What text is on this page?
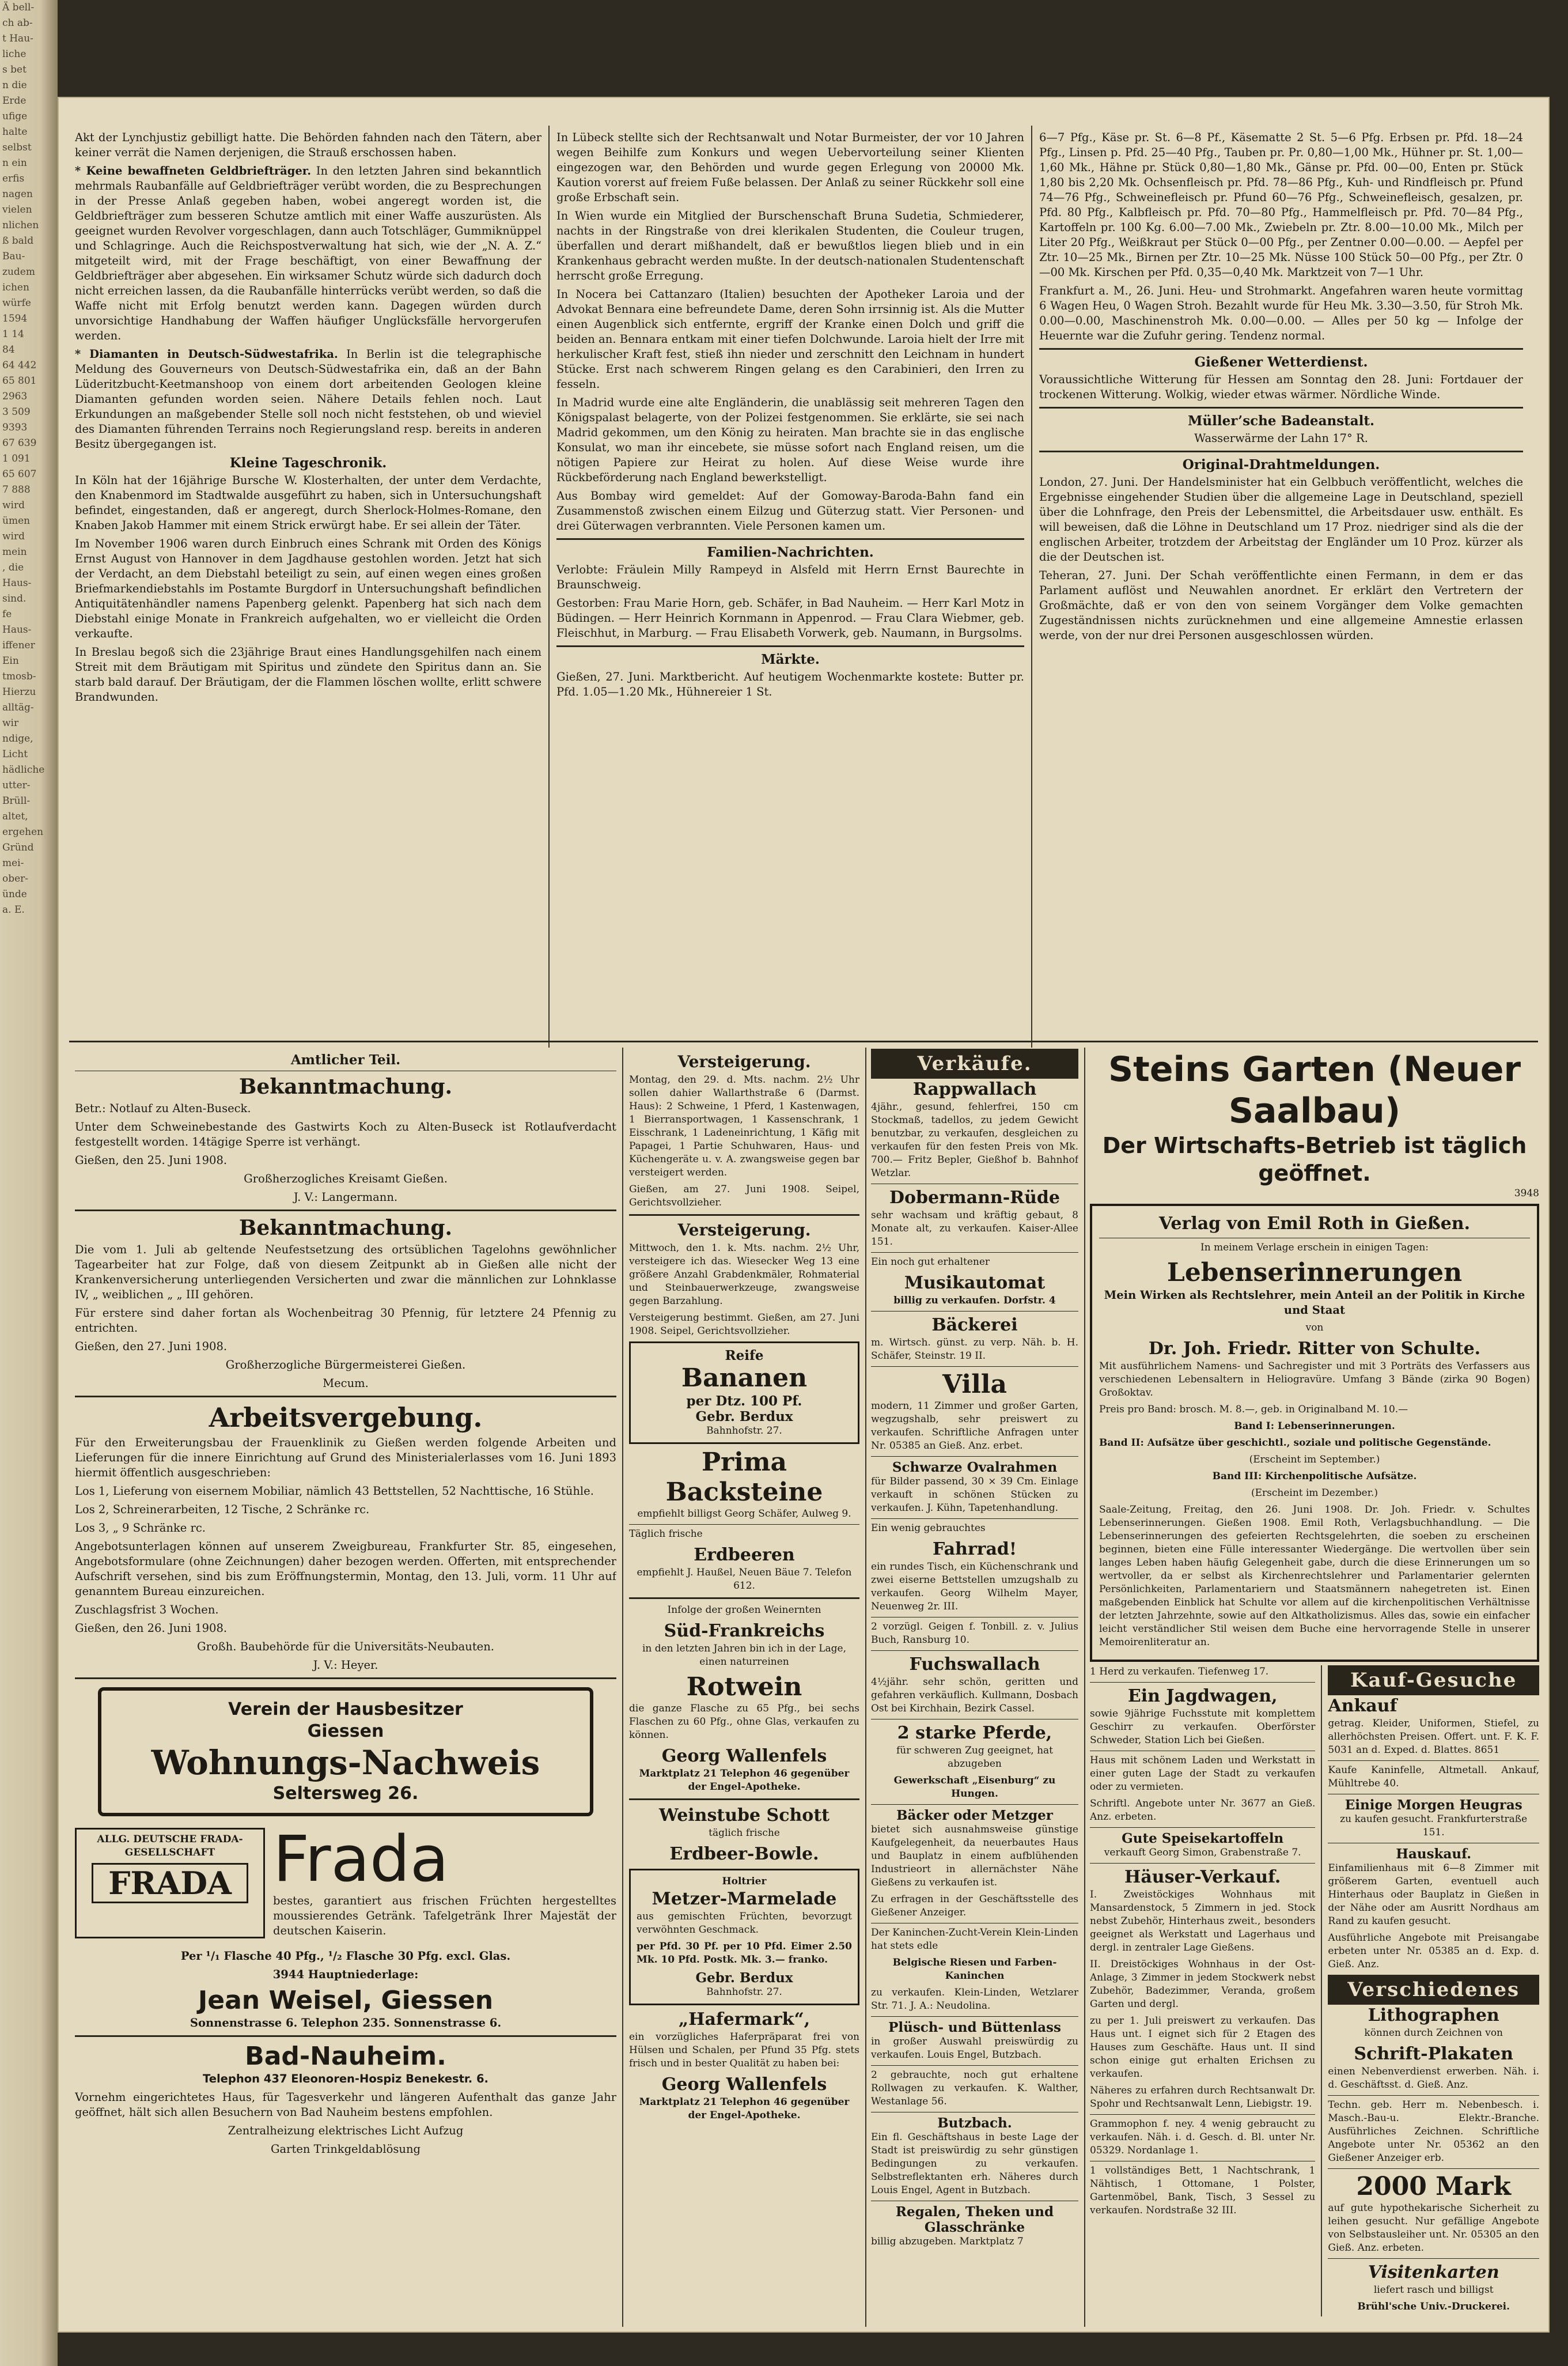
Ä bell-
ch ab-
t Hau-
liche
s bet
n die
Erde
ufige
halte
selbst
n ein
erfis
nagen
vielen
nlichen
ß bald
Bau-
zudem
ichen
würfe
1594
1 14
84
64 442
65 801
2963
3 509
9393
67 639
1 091
65 607
7 888
wird
ümen
wird
mein
, die
Haus-
sind.
fe
Haus-
iffener
Ein
tmosb-
Hierzu
alltäg-
wir
ndige,
Licht
hädliche
utter-
Brüll-
altet,
ergehen
Gründ
mei-
ober-
ünde
a. E.

Akt der Lynchjustiz gebilligt hatte. Die Behörden fahnden nach den Tätern, aber keiner verrät die Namen derjenigen, die Strauß erschossen haben.

* Keine bewaffneten Geldbriefträger. In den letzten Jahren sind bekanntlich mehrmals Raubanfälle auf Geldbriefträger verübt worden, die zu Besprechungen in der Presse Anlaß gegeben haben, wobei angeregt worden ist, die Geldbriefträger zum besseren Schutze amtlich mit einer Waffe auszurüsten. Als geeignet wurden Revolver vorgeschlagen, dann auch Totschläger, Gummiknüppel und Schlagringe. Auch die Reichspostverwaltung hat sich, wie der „N. A. Z.“ mitgeteilt wird, mit der Frage beschäftigt, von einer Bewaffnung der Geldbriefträger aber abgesehen. Ein wirksamer Schutz würde sich dadurch doch nicht erreichen lassen, da die Raubanfälle hinterrücks verübt werden, so daß die Waffe nicht mit Erfolg benutzt werden kann. Dagegen würden durch unvorsichtige Handhabung der Waffen häufiger Unglücksfälle hervorgerufen werden.

* Diamanten in Deutsch-Südwestafrika. In Berlin ist die telegraphische Meldung des Gouverneurs von Deutsch-Südwestafrika ein, daß an der Bahn Lüderitzbucht-Keetmanshoop von einem dort arbeitenden Geologen kleine Diamanten gefunden worden seien. Nähere Details fehlen noch. Laut Erkundungen an maßgebender Stelle soll noch nicht feststehen, ob und wieviel des Diamanten führenden Terrains noch Regierungsland resp. bereits in anderen Besitz übergegangen ist.

Kleine Tageschronik.

In Köln hat der 16jährige Bursche W. Klosterhalten, der unter dem Verdachte, den Knabenmord im Stadtwalde ausgeführt zu haben, sich in Untersuchungshaft befindet, eingestanden, daß er angeregt, durch Sherlock-Holmes-Romane, den Knaben Jakob Hammer mit einem Strick erwürgt habe. Er sei allein der Täter.

Im November 1906 waren durch Einbruch eines Schrank mit Orden des Königs Ernst August von Hannover in dem Jagdhause gestohlen worden. Jetzt hat sich der Verdacht, an dem Diebstahl beteiligt zu sein, auf einen wegen eines großen Briefmarkendiebstahls im Postamte Burgdorf in Untersuchungshaft befindlichen Antiquitätenhändler namens Papenberg gelenkt. Papenberg hat sich nach dem Diebstahl einige Monate in Frankreich aufgehalten, wo er vielleicht die Orden verkaufte.

In Breslau begoß sich die 23jährige Braut eines Handlungsgehilfen nach einem Streit mit dem Bräutigam mit Spiritus und zündete den Spiritus dann an. Sie starb bald darauf. Der Bräutigam, der die Flammen löschen wollte, erlitt schwere Brandwunden.

In Lübeck stellte sich der Rechtsanwalt und Notar Burmeister, der vor 10 Jahren wegen Beihilfe zum Konkurs und wegen Uebervorteilung seiner Klienten eingezogen war, den Behörden und wurde gegen Erlegung von 20000 Mk. Kaution vorerst auf freiem Fuße belassen. Der Anlaß zu seiner Rückkehr soll eine große Erbschaft sein.

In Wien wurde ein Mitglied der Burschenschaft Bruna Sudetia, Schmiederer, nachts in der Ringstraße von drei klerikalen Studenten, die Couleur trugen, überfallen und derart mißhandelt, daß er bewußtlos liegen blieb und in ein Krankenhaus gebracht werden mußte. In der deutsch-nationalen Studentenschaft herrscht große Erregung.

In Nocera bei Cattanzaro (Italien) besuchten der Apotheker Laroia und der Advokat Bennara eine befreundete Dame, deren Sohn irrsinnig ist. Als die Mutter einen Augenblick sich entfernte, ergriff der Kranke einen Dolch und griff die beiden an. Bennara entkam mit einer tiefen Dolchwunde. Laroia hielt der Irre mit herkulischer Kraft fest, stieß ihn nieder und zerschnitt den Leichnam in hundert Stücke. Erst nach schwerem Ringen gelang es den Carabinieri, den Irren zu fesseln.

In Madrid wurde eine alte Engländerin, die unablässig seit mehreren Tagen den Königspalast belagerte, von der Polizei festgenommen. Sie erklärte, sie sei nach Madrid gekommen, um den König zu heiraten. Man brachte sie in das englische Konsulat, wo man ihr eincebete, sie müsse sofort nach England reisen, um die nötigen Papiere zur Heirat zu holen. Auf diese Weise wurde ihre Rückbeförderung nach England bewerkstelligt.

Aus Bombay wird gemeldet: Auf der Gomoway-Baroda-Bahn fand ein Zusammenstoß zwischen einem Eilzug und Güterzug statt. Vier Personen- und drei Güterwagen verbrannten. Viele Personen kamen um.

Familien-Nachrichten.

Verlobte: Fräulein Milly Rampeyd in Alsfeld mit Herrn Ernst Baurechte in Braunschweig.

Gestorben: Frau Marie Horn, geb. Schäfer, in Bad Nauheim. — Herr Karl Motz in Büdingen. — Herr Heinrich Kornmann in Appenrod. — Frau Clara Wiebmer, geb. Fleischhut, in Marburg. — Frau Elisabeth Vorwerk, geb. Naumann, in Burgsolms.

Märkte.

Gießen, 27. Juni. Marktbericht. Auf heutigem Wochenmarkte kostete: Butter pr. Pfd. 1.05—1.20 Mk., Hühnereier 1 St.

6—7 Pfg., Käse pr. St. 6—8 Pf., Käsematte 2 St. 5—6 Pfg. Erbsen pr. Pfd. 18—24 Pfg., Linsen p. Pfd. 25—40 Pfg., Tauben pr. Pr. 0,80—1,00 Mk., Hühner pr. St. 1,00—1,60 Mk., Hähne pr. Stück 0,80—1,80 Mk., Gänse pr. Pfd. 00—00, Enten pr. Stück 1,80 bis 2,20 Mk. Ochsenfleisch pr. Pfd. 78—86 Pfg., Kuh- und Rindfleisch pr. Pfund 74—76 Pfg., Schweinefleisch pr. Pfund 60—76 Pfg., Schweinefleisch, gesalzen, pr. Pfd. 80 Pfg., Kalbfleisch pr. Pfd. 70—80 Pfg., Hammelfleisch pr. Pfd. 70—84 Pfg., Kartoffeln pr. 100 Kg. 6.00—7.00 Mk., Zwiebeln pr. Ztr. 8.00—10.00 Mk., Milch per Liter 20 Pfg., Weißkraut per Stück 0—00 Pfg., per Zentner 0.00—0.00. — Aepfel per Ztr. 10—25 Mk., Birnen per Ztr. 10—25 Mk. Nüsse 100 Stück 50—00 Pfg., per Ztr. 0—00 Mk. Kirschen per Pfd. 0,35—0,40 Mk. Marktzeit von 7—1 Uhr.

Frankfurt a. M., 26. Juni. Heu- und Strohmarkt. Angefahren waren heute vormittag 6 Wagen Heu, 0 Wagen Stroh. Bezahlt wurde für Heu Mk. 3.30—3.50, für Stroh Mk. 0.00—0.00, Maschinenstroh Mk. 0.00—0.00. — Alles per 50 kg — Infolge der Heuernte war die Zufuhr gering. Tendenz normal.

Gießener Wetterdienst.

Voraussichtliche Witterung für Hessen am Sonntag den 28. Juni: Fortdauer der trockenen Witterung. Wolkig, wieder etwas wärmer. Nördliche Winde.

Müller’sche Badeanstalt.

Wasserwärme der Lahn 17° R.

Original-Drahtmeldungen.

London, 27. Juni. Der Handelsminister hat ein Gelbbuch veröffentlicht, welches die Ergebnisse eingehender Studien über die allgemeine Lage in Deutschland, speziell über die Lohnfrage, den Preis der Lebensmittel, die Arbeitsdauer usw. enthält. Es will beweisen, daß die Löhne in Deutschland um 17 Proz. niedriger sind als die der englischen Arbeiter, trotzdem der Arbeitstag der Engländer um 10 Proz. kürzer als die der Deutschen ist.

Teheran, 27. Juni. Der Schah veröffentlichte einen Fermann, in dem er das Parlament auflöst und Neuwahlen anordnet. Er erklärt den Vertretern der Großmächte, daß er von den von seinem Vorgänger dem Volke gemachten Zugeständnissen nichts zurücknehmen und eine allgemeine Amnestie erlassen werde, von der nur drei Personen ausgeschlossen würden.

Amtlicher Teil.
Bekanntmachung.

Betr.: Notlauf zu Alten-Buseck.

Unter dem Schweinebestande des Gastwirts Koch zu Alten-Buseck ist Rotlaufverdacht festgestellt worden. 14tägige Sperre ist verhängt.

Gießen, den 25. Juni 1908.

Großherzogliches Kreisamt Gießen.

J. V.: Langermann.

Bekanntmachung.

Die vom 1. Juli ab geltende Neufestsetzung des ortsüblichen Tagelohns gewöhnlicher Tagearbeiter hat zur Folge, daß von diesem Zeitpunkt ab in Gießen alle nicht der Krankenversicherung unterliegenden Versicherten und zwar die männlichen zur Lohnklasse IV, „ weiblichen „ „ III gehören.

Für erstere sind daher fortan als Wochenbeitrag 30 Pfennig, für letztere 24 Pfennig zu entrichten.

Gießen, den 27. Juni 1908.

Großherzogliche Bürgermeisterei Gießen.

Mecum.

Arbeitsvergebung.

Für den Erweiterungsbau der Frauenklinik zu Gießen werden folgende Arbeiten und Lieferungen für die innere Einrichtung auf Grund des Ministerialerlasses vom 16. Juni 1893 hiermit öffentlich ausgeschrieben:

Los 1, Lieferung von eisernem Mobiliar, nämlich 43 Bettstellen, 52 Nachttische, 16 Stühle.

Los 2, Schreinerarbeiten, 12 Tische, 2 Schränke rc.

Los 3, „ 9 Schränke rc.

Angebotsunterlagen können auf unserem Zweigbureau, Frankfurter Str. 85, eingesehen, Angebotsformulare (ohne Zeichnungen) daher bezogen werden. Offerten, mit entsprechender Aufschrift versehen, sind bis zum Eröffnungstermin, Montag, den 13. Juli, vorm. 11 Uhr auf genanntem Bureau einzureichen.

Zuschlagsfrist 3 Wochen.

Gießen, den 26. Juni 1908.

Großh. Baubehörde für die Universitäts-Neubauten.

J. V.: Heyer.

Verein der Hausbesitzer
Giessen
Wohnungs-Nachweis
Seltersweg 26.
ALLG. DEUTSCHE FRADA-GESELLSCHAFT
FRADA Frada

bestes, garantiert aus frischen Früchten hergestelltes moussierendes Getränk. Tafelgetränk Ihrer Majestät der deutschen Kaiserin.

Per ¹/₁ Flasche 40 Pfg., ¹/₂ Flasche 30 Pfg. excl. Glas.

3944 Hauptniederlage:

Jean Weisel, Giessen

Sonnenstrasse 6. Telephon 235. Sonnenstrasse 6.

Bad-Nauheim.

Telephon 437 Eleonoren-Hospiz Benekestr. 6.

Vornehm eingerichtetes Haus, für Tagesverkehr und längeren Aufenthalt das ganze Jahr geöffnet, hält sich allen Besuchern von Bad Nauheim bestens empfohlen.

Zentralheizung elektrisches Licht Aufzug

Garten Trinkgeldablösung

Versteigerung.

Montag, den 29. d. Mts. nachm. 2½ Uhr sollen dahier Wallarthstraße 6 (Darmst. Haus): 2 Schweine, 1 Pferd, 1 Kastenwagen, 1 Bierransportwagen, 1 Kassenschrank, 1 Eisschrank, 1 Ladeneinrichtung, 1 Käfig mit Papagei, 1 Partie Schuhwaren, Haus- und Küchengeräte u. v. A. zwangsweise gegen bar versteigert werden.

Gießen, am 27. Juni 1908. Seipel, Gerichtsvollzieher.

Versteigerung.

Mittwoch, den 1. k. Mts. nachm. 2½ Uhr, versteigere ich das. Wiesecker Weg 13 eine größere Anzahl Grabdenkmäler, Rohmaterial und Steinbauerwerkzeuge, zwangsweise gegen Barzahlung.

Versteigerung bestimmt. Gießen, am 27. Juni 1908. Seipel, Gerichtsvollzieher.

Reife
Bananen
per Dtz. 100 Pf.
Gebr. Berdux
Bahnhofstr. 27.
Prima Backsteine

empfiehlt billigst Georg Schäfer, Aulweg 9.

Täglich frische

Erdbeeren

empfiehlt J. Haußel, Neuen Bäue 7. Telefon 612.

Infolge der großen Weinernten

Süd-Frankreichs

in den letzten Jahren bin ich in der Lage, einen naturreinen

Rotwein

die ganze Flasche zu 65 Pfg., bei sechs Flaschen zu 60 Pfg., ohne Glas, verkaufen zu können.

Georg Wallenfels

Marktplatz 21 Telephon 46 gegenüber der Engel-Apotheke.

Weinstube Schott

täglich frische

Erdbeer-Bowle.
Holtrier
Metzer-Marmelade

aus gemischten Früchten, bevorzugt verwöhnten Geschmack.

per Pfd. 30 Pf. per 10 Pfd. Eimer 2.50 Mk. 10 Pfd. Postk. Mk. 3.— franko.

Gebr. Berdux
Bahnhofstr. 27.
„Hafermark“,

ein vorzügliches Haferpräparat frei von Hülsen und Schalen, per Pfund 35 Pfg. stets frisch und in bester Qualität zu haben bei:

Georg Wallenfels

Marktplatz 21 Telephon 46 gegenüber der Engel-Apotheke.

Verkäufe.
Rappwallach

4jähr., gesund, fehlerfrei, 150 cm Stockmaß, tadellos, zu jedem Gewicht benutzbar, zu verkaufen, desgleichen zu verkaufen für den festen Preis von Mk. 700.— Fritz Bepler, Gießhof b. Bahnhof Wetzlar.

Dobermann-Rüde

sehr wachsam und kräftig gebaut, 8 Monate alt, zu verkaufen. Kaiser-Allee 151.

Ein noch gut erhaltener

Musikautomat

billig zu verkaufen. Dorfstr. 4

Bäckerei

m. Wirtsch. günst. zu verp. Näh. b. H. Schäfer, Steinstr. 19 II.

Villa

modern, 11 Zimmer und großer Garten, wegzugshalb, sehr preiswert zu verkaufen. Schriftliche Anfragen unter Nr. 05385 an Gieß. Anz. erbet.

Schwarze Ovalrahmen

für Bilder passend, 30 × 39 Cm. Einlage verkauft in schönen Stücken zu verkaufen. J. Kühn, Tapetenhandlung.

Ein wenig gebrauchtes

Fahrrad!

ein rundes Tisch, ein Küchenschrank und zwei eiserne Bettstellen umzugshalb zu verkaufen. Georg Wilhelm Mayer, Neuenweg 2r. III.

2 vorzügl. Geigen f. Tonbill. z. v. Julius Buch, Ransburg 10.

Fuchswallach

4½jähr. sehr schön, geritten und gefahren verkäuflich. Kullmann, Dosbach Ost bei Kirchhain, Bezirk Cassel.

2 starke Pferde,

für schweren Zug geeignet, hat abzugeben

Gewerkschaft „Eisenburg“ zu Hungen.

Bäcker oder Metzger

bietet sich ausnahmsweise günstige Kaufgelegenheit, da neuerbautes Haus und Bauplatz in einem aufblühenden Industrieort in allernächster Nähe Gießens zu verkaufen ist.

Zu erfragen in der Geschäftsstelle des Gießener Anzeiger.

Der Kaninchen-Zucht-Verein Klein-Linden hat stets edle

Belgische Riesen und Farben-Kaninchen

zu verkaufen. Klein-Linden, Wetzlarer Str. 71. J. A.: Neudolina.

Plüsch- und Büttenlass

in großer Auswahl preiswürdig zu verkaufen. Louis Engel, Butzbach.

2 gebrauchte, noch gut erhaltene Rollwagen zu verkaufen. K. Walther, Westanlage 56.

Butzbach.

Ein fl. Geschäftshaus in beste Lage der Stadt ist preiswürdig zu sehr günstigen Bedingungen zu verkaufen. Selbstreflektanten erh. Näheres durch Louis Engel, Agent in Butzbach.

Regalen, Theken und Glasschränke

billig abzugeben. Marktplatz 7

Steins Garten (Neuer Saalbau)
Der Wirtschafts-Betrieb ist täglich geöffnet.
3948
Verlag von Emil Roth in Gießen.

In meinem Verlage erschein in einigen Tagen:

Lebenserinnerungen

Mein Wirken als Rechtslehrer, mein Anteil an der Politik in Kirche und Staat

von

Dr. Joh. Friedr. Ritter von Schulte.

Mit ausführlichem Namens- und Sachregister und mit 3 Porträts des Verfassers aus verschiedenen Lebensaltern in Heliogravüre. Umfang 3 Bände (zirka 90 Bogen) Großoktav.

Preis pro Band: brosch. M. 8.—, geb. in Originalband M. 10.—

Band I: Lebenserinnerungen.

Band II: Aufsätze über geschichtl., soziale und politische Gegenstände.

(Erscheint im September.)

Band III: Kirchenpolitische Aufsätze.

(Erscheint im Dezember.)

Saale-Zeitung, Freitag, den 26. Juni 1908. Dr. Joh. Friedr. v. Schultes Lebenserinnerungen. Gießen 1908. Emil Roth, Verlagsbuchhandlung. — Die Lebenserinnerungen des gefeierten Rechtsgelehrten, die soeben zu erscheinen beginnen, bieten eine Fülle interessanter Wiedergänge. Die wertvollen über sein langes Leben haben häufig Gelegenheit gabe, durch die diese Erinnerungen um so wertvoller, da er selbst als Kirchenrechtslehrer und Parlamentarier gelernten Persönlichkeiten, Parlamentariern und Staatsmännern nahegetreten ist. Einen maßgebenden Einblick hat Schulte vor allem auf die kirchenpolitischen Verhältnisse der letzten Jahrzehnte, sowie auf den Altkatholizismus. Alles das, sowie ein einfacher leicht verständlicher Stil weisen dem Buche eine hervorragende Stelle in unserer Memoirenliteratur an.

1 Herd zu verkaufen. Tiefenweg 17.

Ein Jagdwagen,

sowie 9jährige Fuchsstute mit komplettem Geschirr zu verkaufen. Oberförster Schweder, Station Lich bei Gießen.

Haus mit schönem Laden und Werkstatt in einer guten Lage der Stadt zu verkaufen oder zu vermieten.

Schriftl. Angebote unter Nr. 3677 an Gieß. Anz. erbeten.

Gute Speisekartoffeln

verkauft Georg Simon, Grabenstraße 7.

Häuser-Verkauf.

I. Zweistöckiges Wohnhaus mit Mansardenstock, 5 Zimmern in jed. Stock nebst Zubehör, Hinterhaus zweit., besonders geeignet als Werkstatt und Lagerhaus und dergl. in zentraler Lage Gießens.

II. Dreistöckiges Wohnhaus in der Ost-Anlage, 3 Zimmer in jedem Stockwerk nebst Zubehör, Badezimmer, Veranda, großem Garten und dergl.

zu per 1. Juli preiswert zu verkaufen. Das Haus unt. I eignet sich für 2 Etagen des Hauses zum Geschäfte. Haus unt. II sind schon einige gut erhalten Erichsen zu verkaufen.

Näheres zu erfahren durch Rechtsanwalt Dr. Spohr und Rechtsanwalt Lenn, Liebigstr. 19.

Grammophon f. ney. 4 wenig gebraucht zu verkaufen. Näh. i. d. Gesch. d. Bl. unter Nr. 05329. Nordanlage 1.

1 vollständiges Bett, 1 Nachtschrank, 1 Nähtisch, 1 Ottomane, 1 Polster, Gartenmöbel, Bank, Tisch, 3 Sessel zu verkaufen. Nordstraße 32 III.

Kauf-Gesuche
Ankauf

getrag. Kleider, Uniformen, Stiefel, zu allerhöchsten Preisen. Offert. unt. F. K. F. 5031 an d. Exped. d. Blattes. 8651

Kaufe Kaninfelle, Altmetall. Ankauf, Mühltrebe 40.

Einige Morgen Heugras

zu kaufen gesucht. Frankfurterstraße 151.

Hauskauf.

Einfamilienhaus mit 6—8 Zimmer mit größerem Garten, eventuell auch Hinterhaus oder Bauplatz in Gießen in der Nähe oder am Ausritt Nordhaus am Rand zu kaufen gesucht.

Ausführliche Angebote mit Preisangabe erbeten unter Nr. 05385 an d. Exp. d. Gieß. Anz.

Verschiedenes
Lithographen

können durch Zeichnen von

Schrift-Plakaten

einen Nebenverdienst erwerben. Näh. i. d. Geschäftsst. d. Gieß. Anz.

Techn. geb. Herr m. Nebenbesch. i. Masch.-Bau-u. Elektr.-Branche. Ausführliches Zeichnen. Schriftliche Angebote unter Nr. 05362 an den Gießener Anzeiger erb.

2000 Mark

auf gute hypothekarische Sicherheit zu leihen gesucht. Nur gefällige Angebote von Selbstausleiher unt. Nr. 05305 an den Gieß. Anz. erbeten.

Visitenkarten

liefert rasch und billigst

Brühl'sche Univ.-Druckerei.
